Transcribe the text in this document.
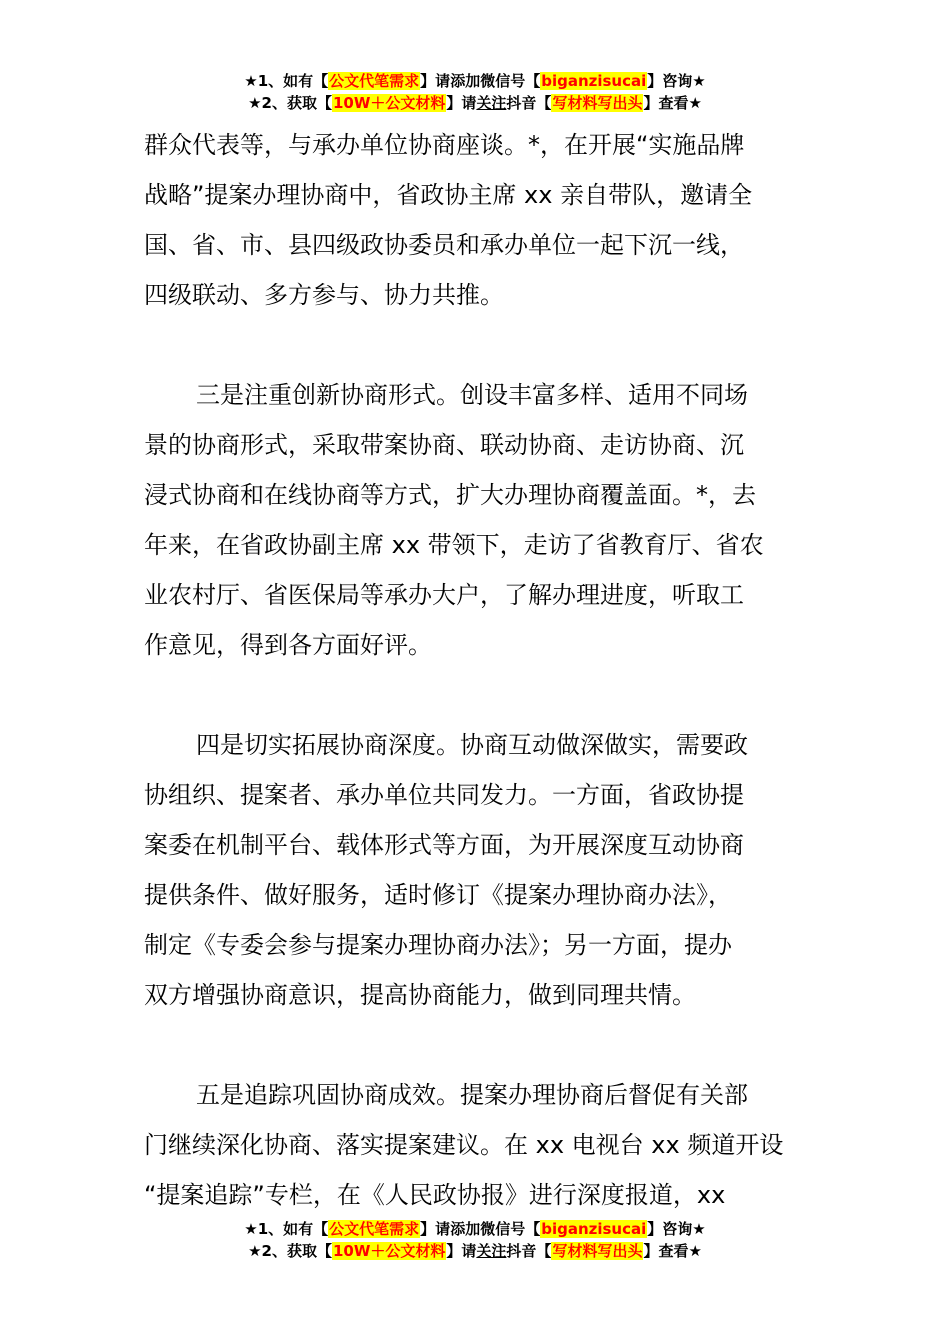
★1、如有【公文代笔需求】请添加微信号【biganzisucai】咨询★
★2、获取【10W＋公文材料】请关注抖音【写材料写出头】查看★
群众代表等，与承办单位协商座谈。*，在开展“实施品牌
战略”提案办理协商中，省政协主席 xx 亲自带队，邀请全
国、省、市、县四级政协委员和承办单位一起下沉一线，
四级联动、多方参与、协力共推。
三是注重创新协商形式。创设丰富多样、适用不同场
景的协商形式，采取带案协商、联动协商、走访协商、沉
浸式协商和在线协商等方式，扩大办理协商覆盖面。*，去
年来，在省政协副主席 xx 带领下，走访了省教育厅、省农
业农村厅、省医保局等承办大户，了解办理进度，听取工
作意见，得到各方面好评。
四是切实拓展协商深度。协商互动做深做实，需要政
协组织、提案者、承办单位共同发力。一方面，省政协提
案委在机制平台、载体形式等方面，为开展深度互动协商
提供条件、做好服务，适时修订《提案办理协商办法》，
制定《专委会参与提案办理协商办法》；另一方面，提办
双方增强协商意识，提高协商能力，做到同理共情。
五是追踪巩固协商成效。提案办理协商后督促有关部
门继续深化协商、落实提案建议。在 xx 电视台 xx 频道开设
“提案追踪”专栏，在《人民政协报》进行深度报道，xx
★1、如有【公文代笔需求】请添加微信号【biganzisucai】咨询★
★2、获取【10W＋公文材料】请关注抖音【写材料写出头】查看★
